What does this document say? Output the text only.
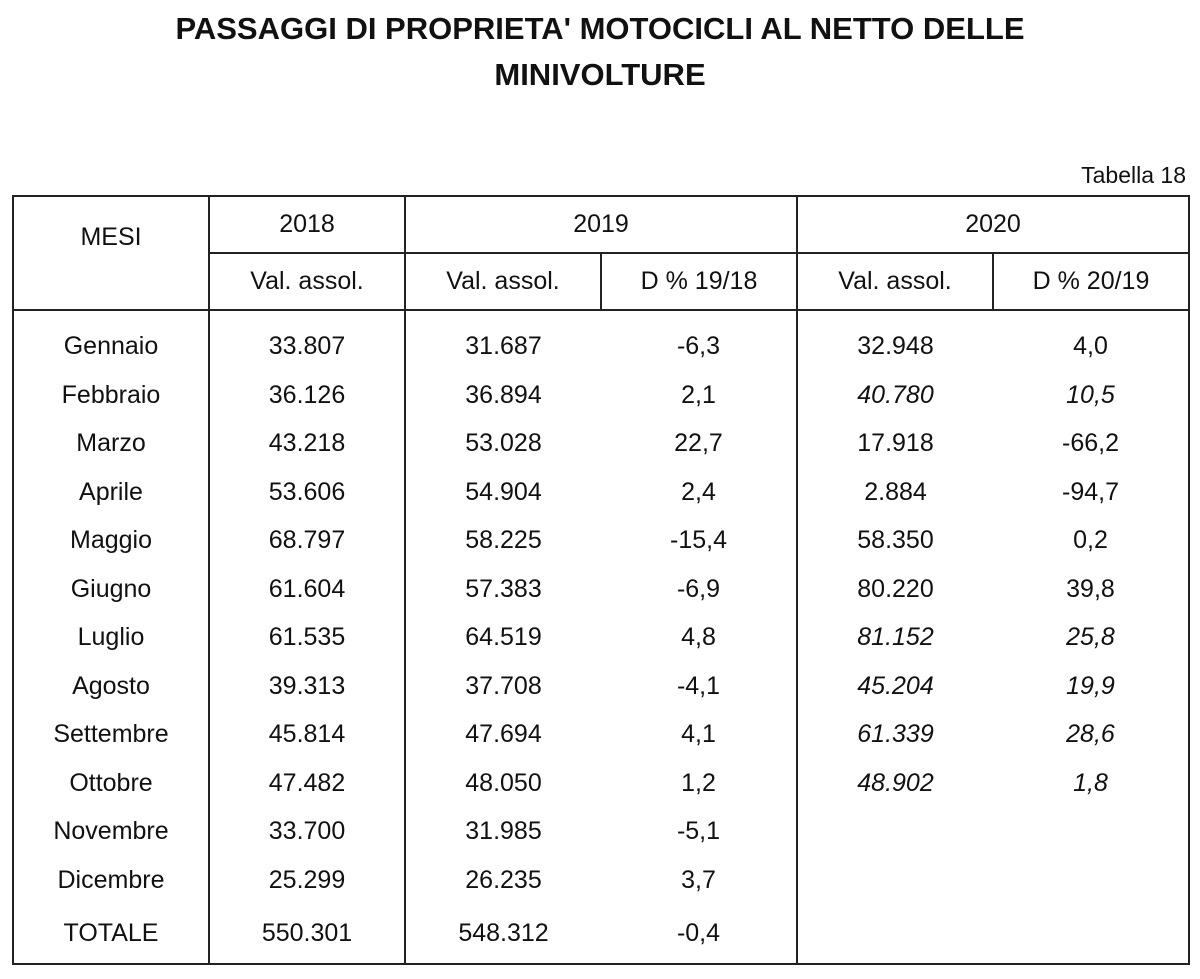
PASSAGGI DI PROPRIETA' MOTOCICLI AL NETTO DELLE
MINIVOLTURE
Tabella 18
MESI	2018	2019		2020	
	Val. assol.	Val. assol.	D % 19/18	Val. assol.	D % 20/19
Gennaio	33.807	31.687	-6,3	32.948	4,0
Febbraio	36.126	36.894	2,1	40.780	10,5
Marzo	43.218	53.028	22,7	17.918	-66,2
Aprile	53.606	54.904	2,4	2.884	-94,7
Maggio	68.797	58.225	-15,4	58.350	0,2
Giugno	61.604	57.383	-6,9	80.220	39,8
Luglio	61.535	64.519	4,8	81.152	25,8
Agosto	39.313	37.708	-4,1	45.204	19,9
Settembre	45.814	47.694	4,1	61.339	28,6
Ottobre	47.482	48.050	1,2	48.902	1,8
Novembre	33.700	31.985	-5,1		
Dicembre	25.299	26.235	3,7		
TOTALE	550.301	548.312	-0,4		
